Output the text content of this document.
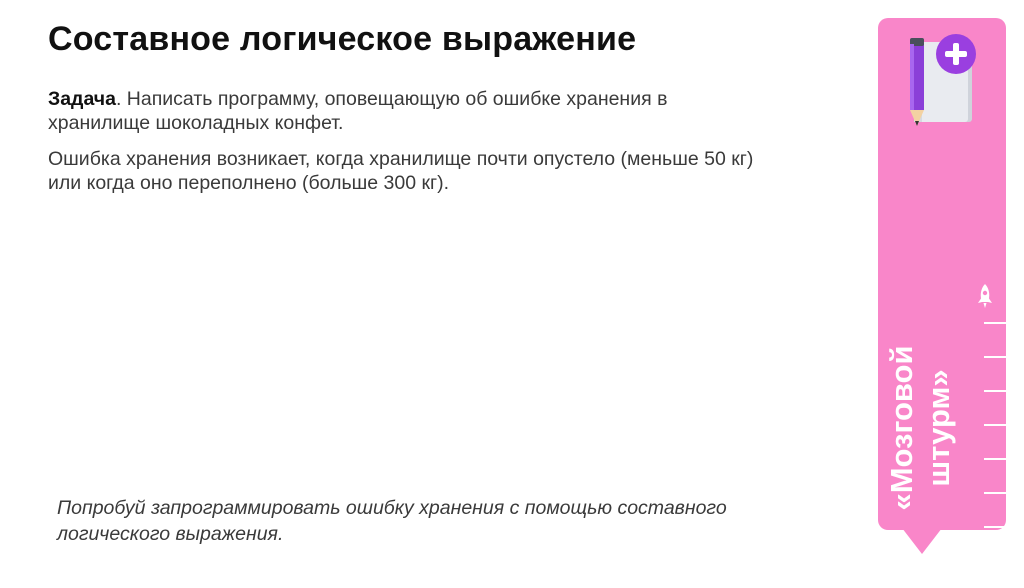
Составное логическое выражение

Задача. Написать программу, оповещающую об ошибке хранения в хранилище шоколадных конфет.

Ошибка хранения возникает, когда хранилище почти опустело (меньше 50 кг) или когда оно переполнено (больше 300 кг).

Попробуй запрограммировать ошибку хранения с помощью составного логического выражения.
«Мозговой штурм»
